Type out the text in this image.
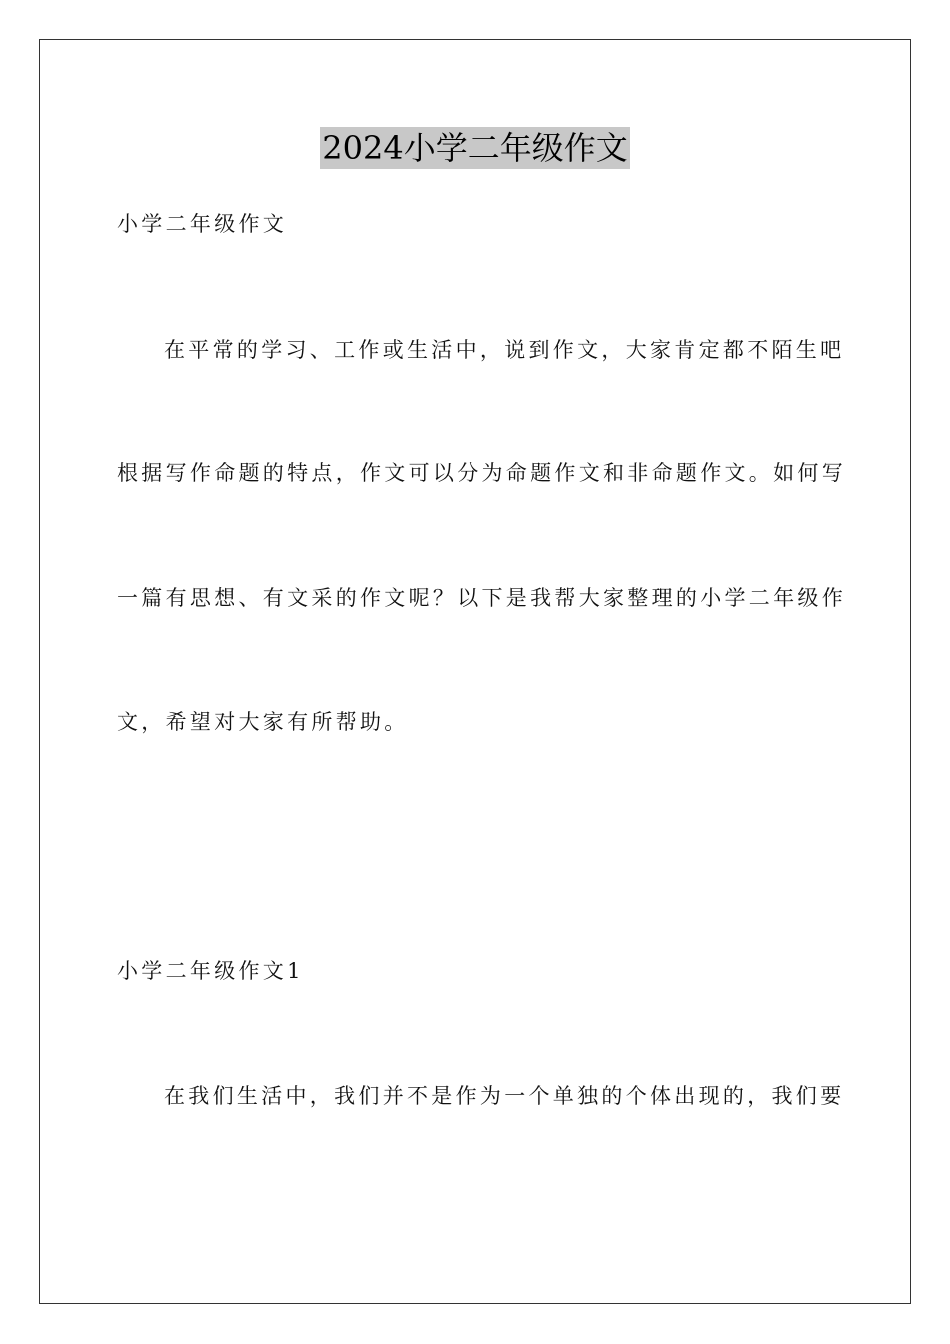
2024小学二年级作文
小学二年级作文
在平常的学习、工作或生活中，说到作文，大家肯定都不陌生吧
根据写作命题的特点，作文可以分为命题作文和非命题作文。如何写
一篇有思想、有文采的作文呢？以下是我帮大家整理的小学二年级作
文，希望对大家有所帮助。
小学二年级作文1
在我们生活中，我们并不是作为一个单独的个体出现的，我们要
